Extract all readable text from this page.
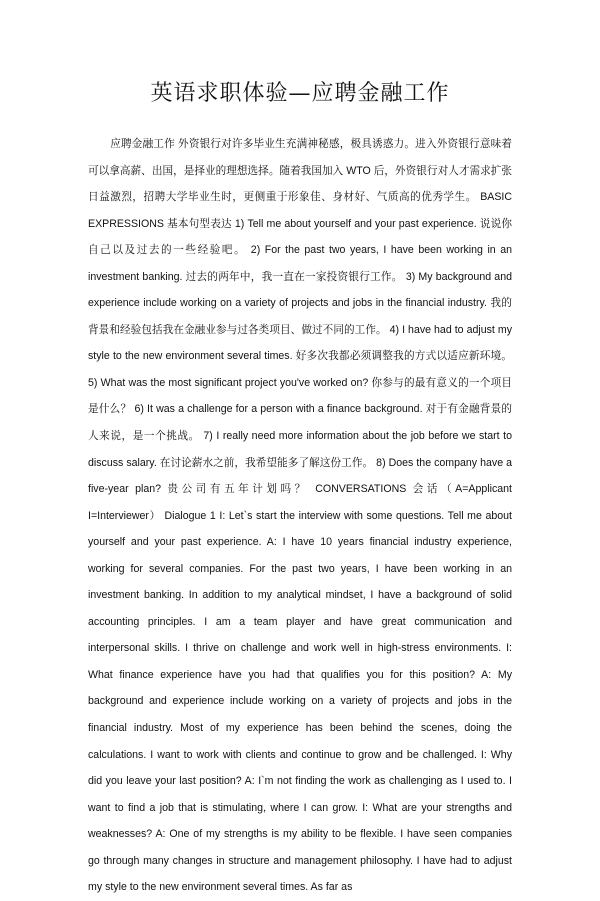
英语求职体验—应聘金融工作

应聘金融工作 外资银行对许多毕业生充满神秘感，极具诱惑力。进入外资银行意味着可以拿高薪、出国，是择业的理想选择。随着我国加入 WTO 后，外资银行对人才需求扩张日益激烈，招聘大学毕业生时，更侧重于形象佳、身材好、气质高的优秀学生。 BASIC EXPRESSIONS 基本句型表达 1) Tell me about yourself and your past experience. 说说你自己以及过去的一些经验吧。 2) For the past two years, I have been working in an investment banking. 过去的两年中，我一直在一家投资银行工作。 3) My background and experience include working on a variety of projects and jobs in the financial industry. 我的背景和经验包括我在金融业参与过各类项目、做过不同的工作。 4) I have had to adjust my style to the new environment several times. 好多次我都必须调整我的方式以适应新环境。 5) What was the most significant project you've worked on? 你参与的最有意义的一个项目是什么？ 6) It was a challenge for a person with a finance background. 对于有金融背景的人来说，是一个挑战。 7) I really need more information about the job before we start to discuss salary. 在讨论薪水之前，我希望能多了解这份工作。 8) Does the company have a five-year plan? 贵公司有五年计划吗？ CONVERSATIONS 会话（A=Applicant I=Interviewer） Dialogue 1 I: Let`s start the interview with some questions. Tell me about yourself and your past experience. A: I have 10 years financial industry experience, working for several companies. For the past two years, I have been working in an investment banking. In addition to my analytical mindset, I have a background of solid accounting principles. I am a team player and have great communication and interpersonal skills. I thrive on challenge and work well in high-stress environments. I: What finance experience have you had that qualifies you for this position? A: My background and experience include working on a variety of projects and jobs in the financial industry. Most of my experience has been behind the scenes, doing the calculations. I want to work with clients and continue to grow and be challenged. I: Why did you leave your last position? A: I`m not finding the work as challenging as I used to. I want to find a job that is stimulating, where I can grow. I: What are your strengths and weaknesses? A: One of my strengths is my ability to be flexible. I have seen companies go through many changes in structure and management philosophy. I have had to adjust my style to the new environment several times. As far as
